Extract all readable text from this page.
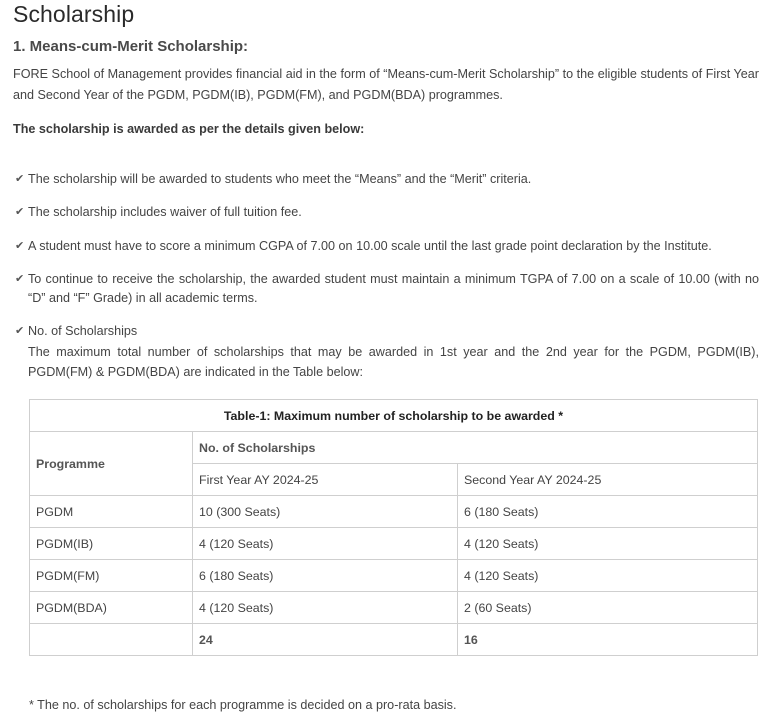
Scholarship
1. Means-cum-Merit Scholarship:

FORE School of Management provides financial aid in the form of “Means-cum-Merit Scholarship” to the eligible students of First Year and Second Year of the PGDM, PGDM(IB), PGDM(FM), and PGDM(BDA) programmes.

The scholarship is awarded as per the details given below:

✔ The scholarship will be awarded to students who meet the “Means” and the “Merit” criteria.
✔ The scholarship includes waiver of full tuition fee.
✔ A student must have to score a minimum CGPA of 7.00 on 10.00 scale until the last grade point declaration by the Institute.
✔ To continue to receive the scholarship, the awarded student must maintain a minimum TGPA of 7.00 on a scale of 10.00 (with no “D” and “F” Grade) in all academic terms.
✔ No. of Scholarships
The maximum total number of scholarships that may be awarded in 1st year and the 2nd year for the PGDM, PGDM(IB), PGDM(FM) & PGDM(BDA) are indicated in the Table below:
Table-1: Maximum number of scholarship to be awarded *		
Programme	No. of Scholarships	
	First Year AY 2024-25	Second Year AY 2024-25
PGDM	10 (300 Seats)	6 (180 Seats)
PGDM(IB)	4 (120 Seats)	4 (120 Seats)
PGDM(FM)	6 (180 Seats)	4 (120 Seats)
PGDM(BDA)	4 (120 Seats)	2 (60 Seats)
	24	16

* The no. of scholarships for each programme is decided on a pro-rata basis.
